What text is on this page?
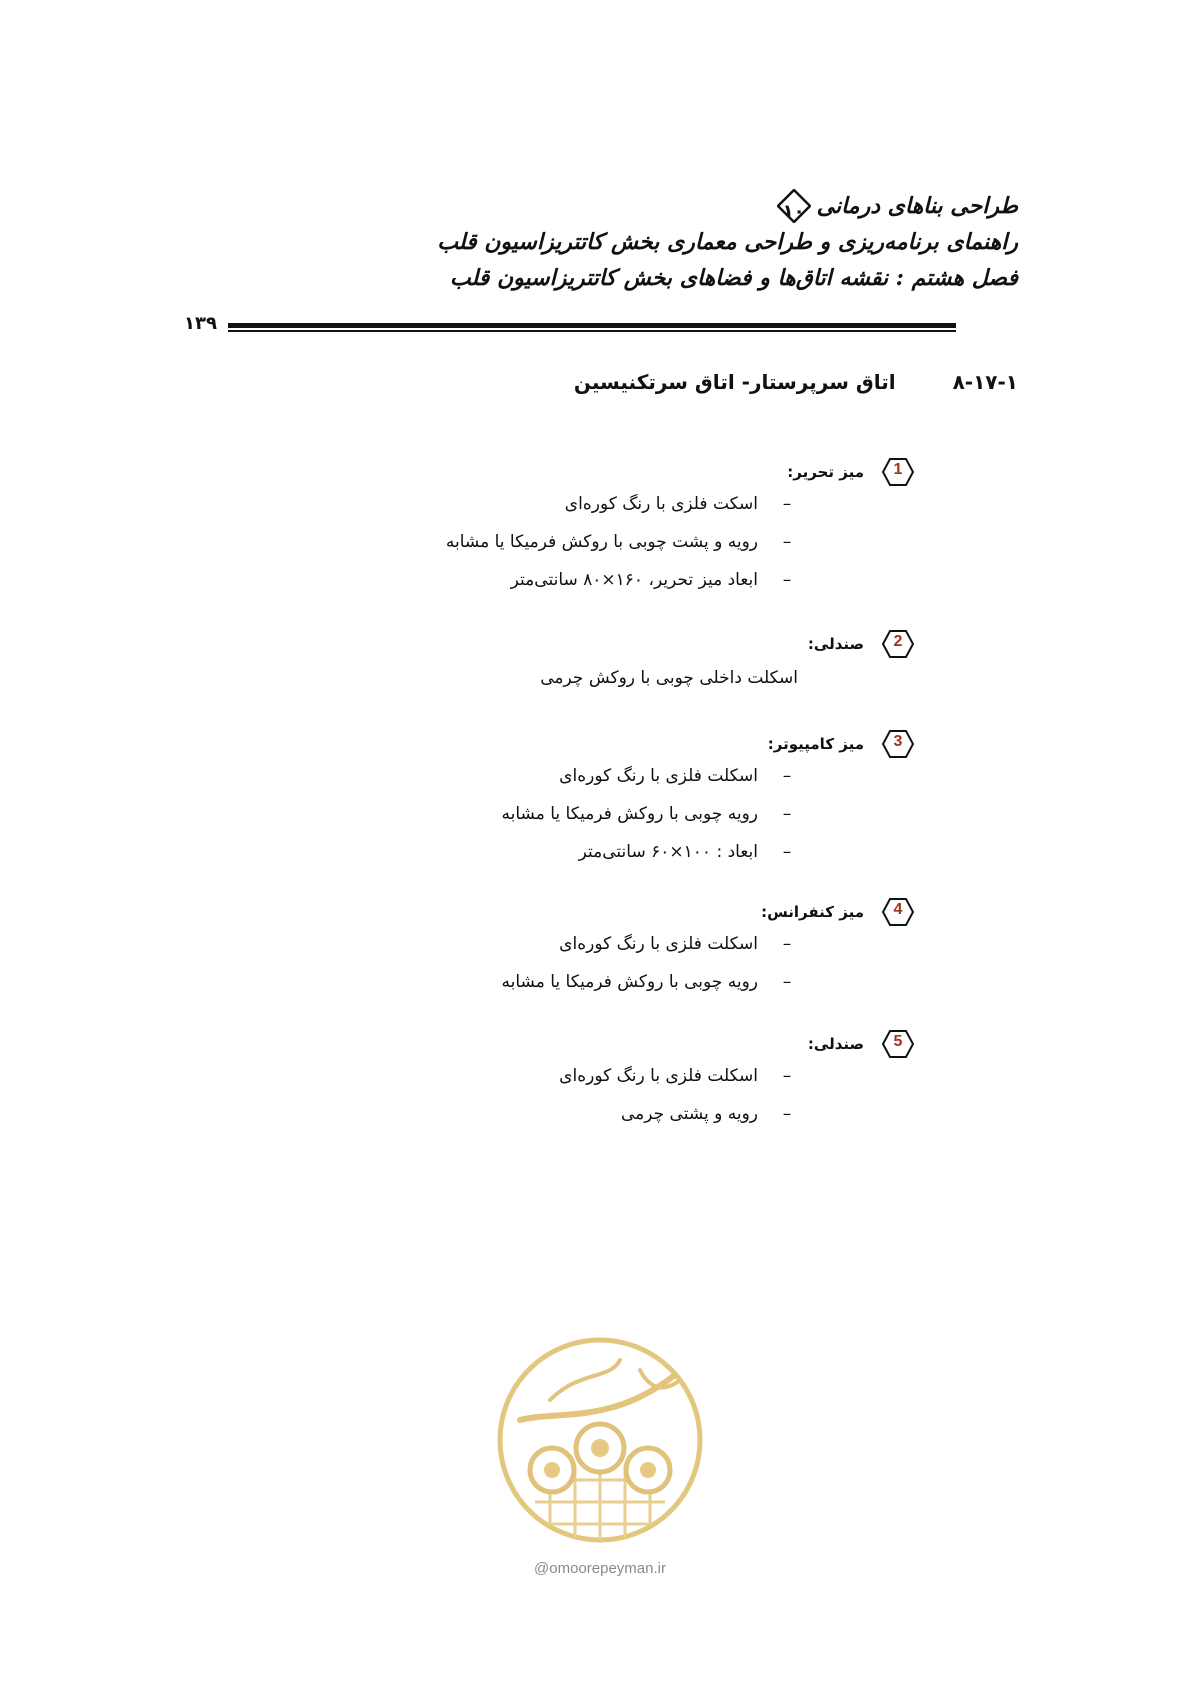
طراحی بناهای درمانی
۱۰
راهنمای برنامه‌ریزی و طراحی معماری بخش کاتتریزاسیون قلب
فصل هشتم : نقشه اتاق‌ها و فضاهای بخش کاتتریزاسیون قلب
۱۳۹
۸-۱۷-۱ اتاق سرپرستار- اتاق سرتکنیسین
1
میز تحریر:
–اسکت فلزی با رنگ کوره‌ای
–رویه و پشت چوبی با روکش فرمیکا یا مشابه
–ابعاد میز تحریر، ۱۶۰×۸۰ سانتی‌متر
2
صندلی:
اسکلت داخلی چوبی با روکش چرمی
3
میز کامپیوتر:
–اسکلت فلزی با رنگ کوره‌ای
–رویه چوبی با روکش فرمیکا یا مشابه
–ابعاد : ۱۰۰×۶۰ سانتی‌متر
4
میز کنفرانس:
–اسکلت فلزی با رنگ کوره‌ای
–رویه چوبی با روکش فرمیکا یا مشابه
5
صندلی:
–اسکلت فلزی با رنگ کوره‌ای
–رویه و پشتی چرمی
@omoorepeyman.ir
